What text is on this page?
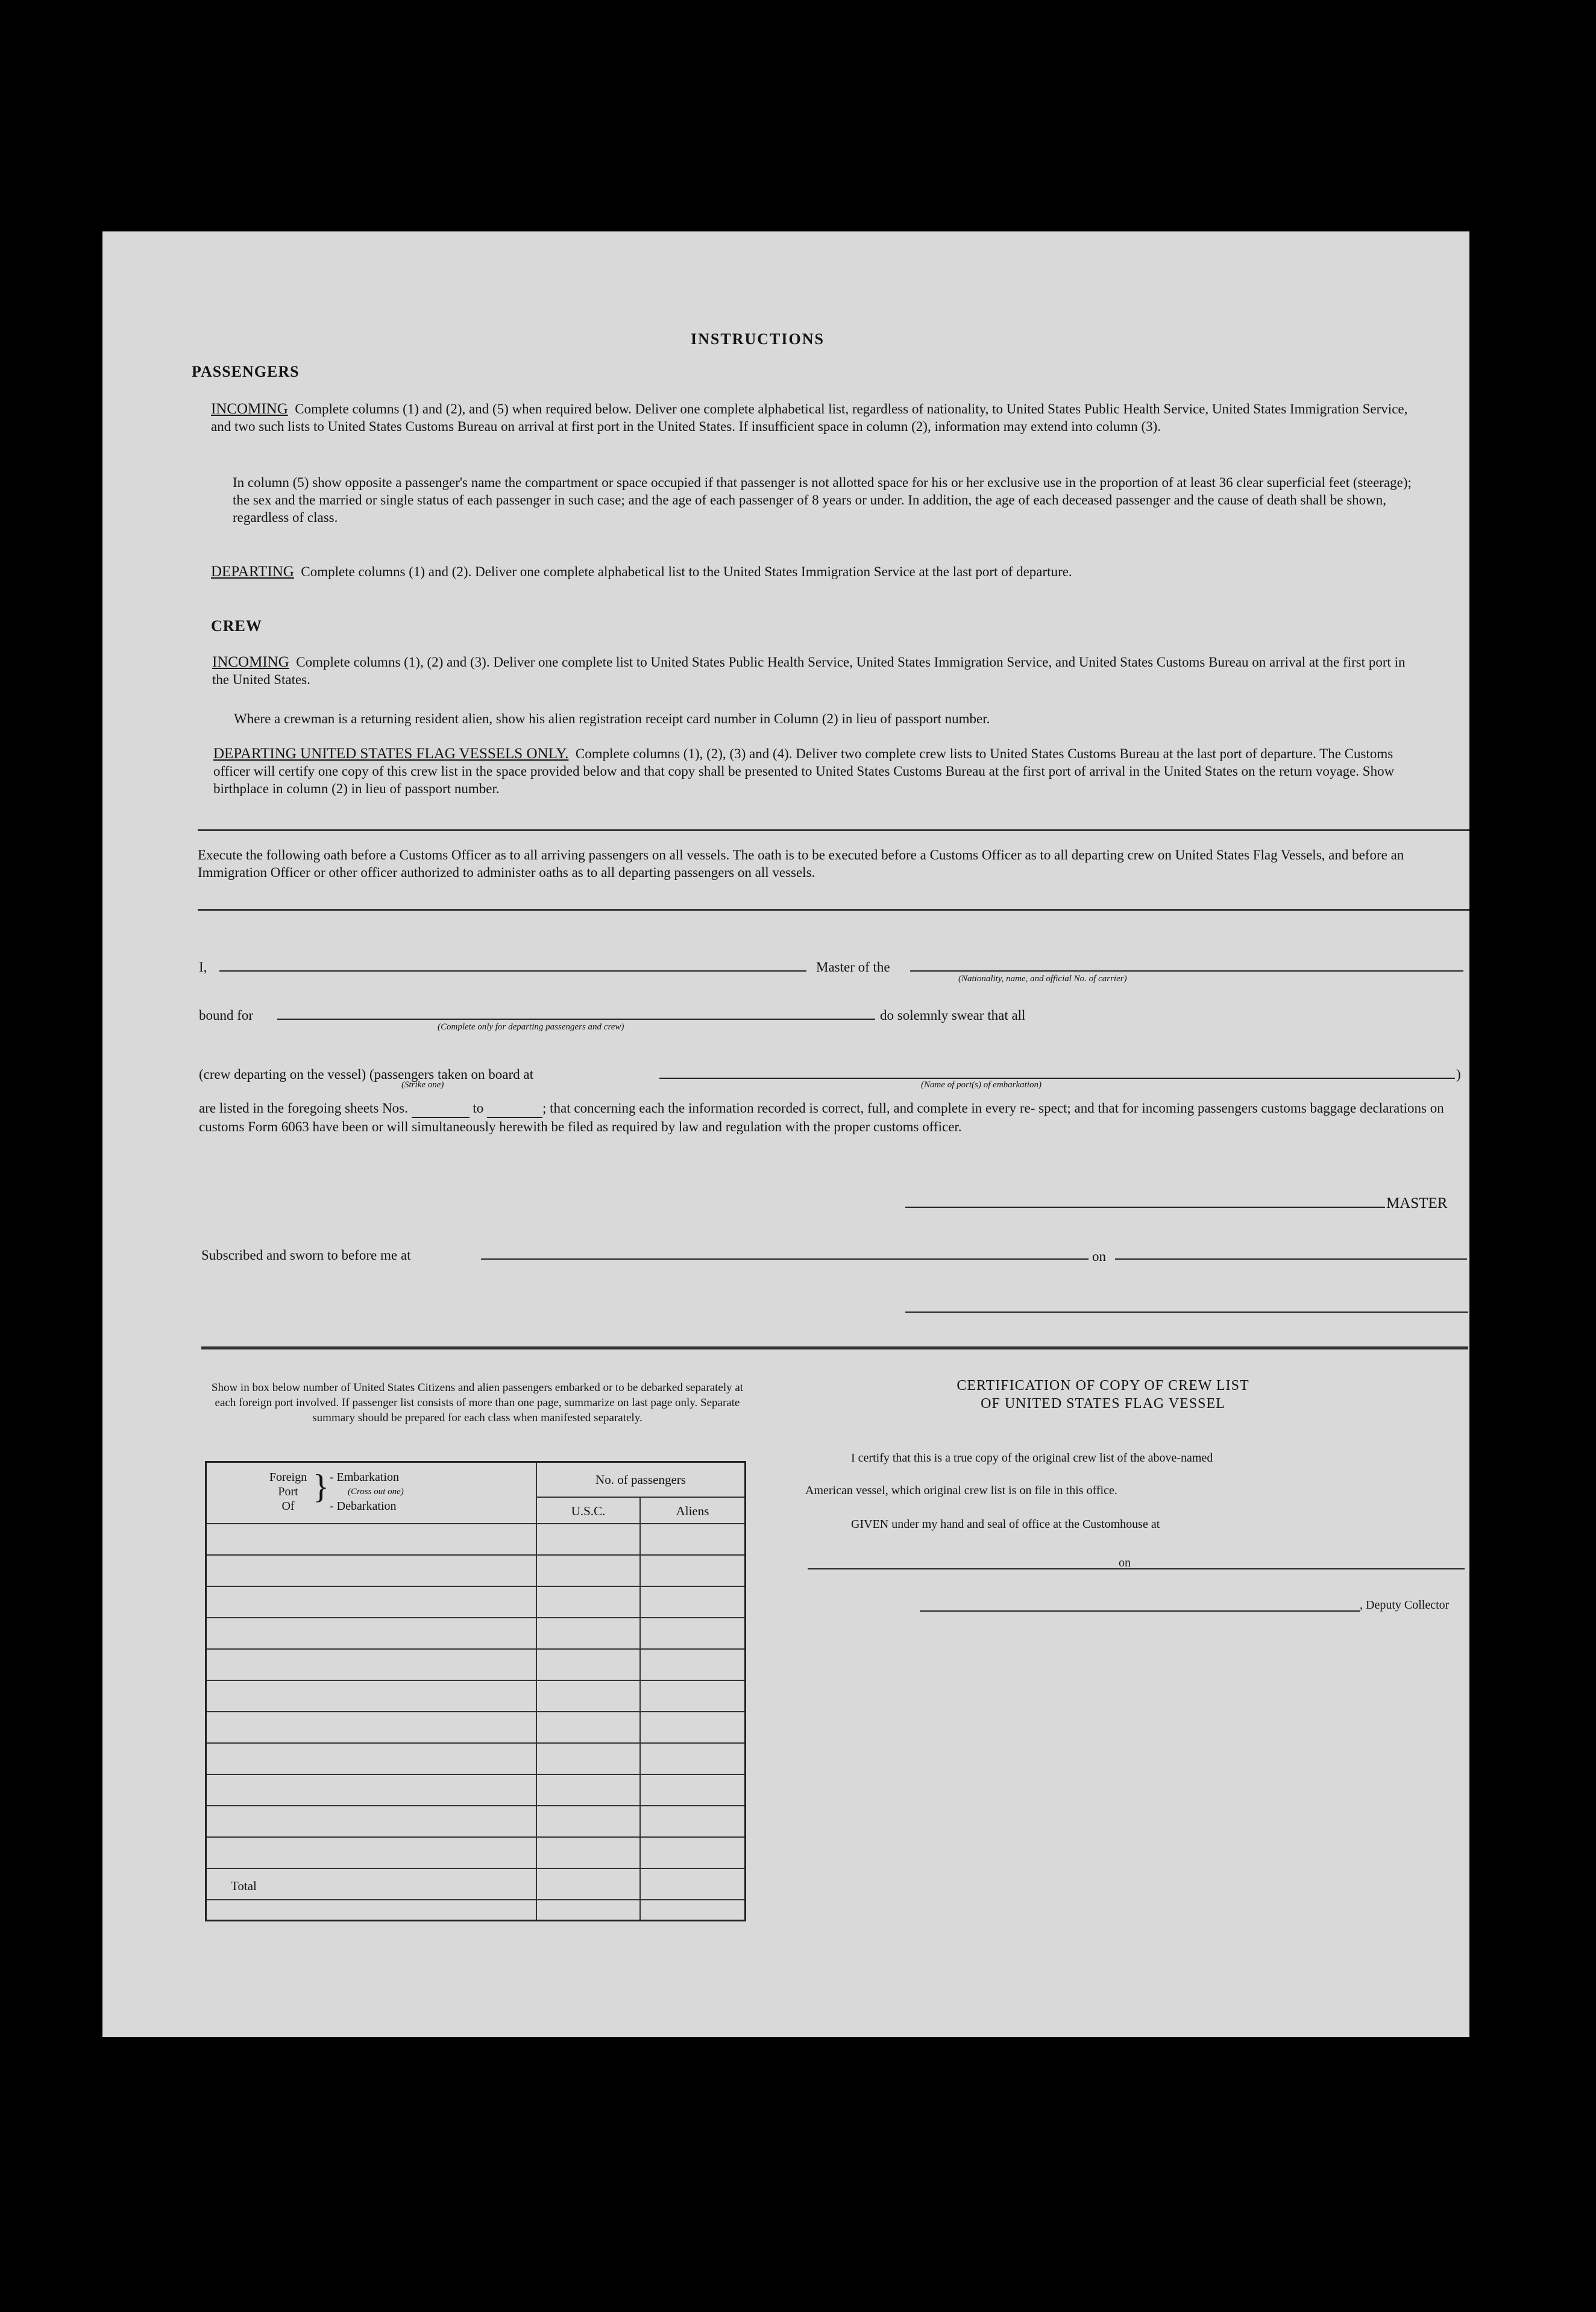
INSTRUCTIONS
PASSENGERS

INCOMING Complete columns (1) and (2), and (5) when required below. Deliver one complete alphabetical list, regardless of nationality, to United States Public Health Service, United States Immigration Service, and two such lists to United States Customs Bureau on arrival at first port in the United States. If insufficient space in column (2), information may extend into column (3).

In column (5) show opposite a passenger's name the compartment or space occupied if that passenger is not allotted space for his or her exclusive use in the proportion of at least 36 clear superficial feet (steerage); the sex and the married or single status of each passenger in such case; and the age of each passenger of 8 years or under. In addition, the age of each deceased passenger and the cause of death shall be shown, regardless of class.

DEPARTING Complete columns (1) and (2). Deliver one complete alphabetical list to the United States Immigration Service at the last port of departure.

CREW

INCOMING Complete columns (1), (2) and (3). Deliver one complete list to United States Public Health Service, United States Immigration Service, and United States Customs Bureau on arrival at the first port in the United States.

Where a crewman is a returning resident alien, show his alien registration receipt card number in Column (2) in lieu of passport number.

DEPARTING UNITED STATES FLAG VESSELS ONLY. Complete columns (1), (2), (3) and (4). Deliver two complete crew lists to United States Customs Bureau at the last port of departure. The Customs officer will certify one copy of this crew list in the space provided below and that copy shall be presented to United States Customs Bureau at the first port of arrival in the United States on the return voyage. Show birthplace in column (2) in lieu of passport number.

Execute the following oath before a Customs Officer as to all arriving passengers on all vessels. The oath is to be executed before a Customs Officer as to all departing crew on United States Flag Vessels, and before an Immigration Officer or other officer authorized to administer oaths as to all departing passengers on all vessels.
I,	Master of the
(Nationality, name, and official No. of carrier)
bound for	do solemnly swear that all
(Complete only for departing passengers and crew)
(crew departing on the vessel) (passengers taken on board at	)
(Strike one)	(Name of port(s) of embarkation)

are listed in the foregoing sheets Nos.	to	; that concerning each the information recorded is correct, full, and complete in every re- spect; and that for incoming passengers customs baggage declarations on customs Form 6063 have been or will simultaneously herewith be filed as required by law and regulation with the proper customs officer.

MASTER
Subscribed and sworn to before me at	on
Show in box below number of United States Citizens and alien passengers embarked or to be debarked separately at each foreign port involved. If passenger list consists of more than one page, summarize on last page only. Separate summary should be prepared for each class when manifested separately.
Foreign
Port
Of
} - Embarkation
(Cross out one)
- Debarkation
No. of passengers
U.S.C.	Aliens
Total
CERTIFICATION OF COPY OF CREW LIST
OF UNITED STATES FLAG VESSEL
I certify that this is a true copy of the original crew list of the above-named
American vessel, which original crew list is on file in this office.
GIVEN under my hand and seal of office at the Customhouse at
on
, Deputy Collector
